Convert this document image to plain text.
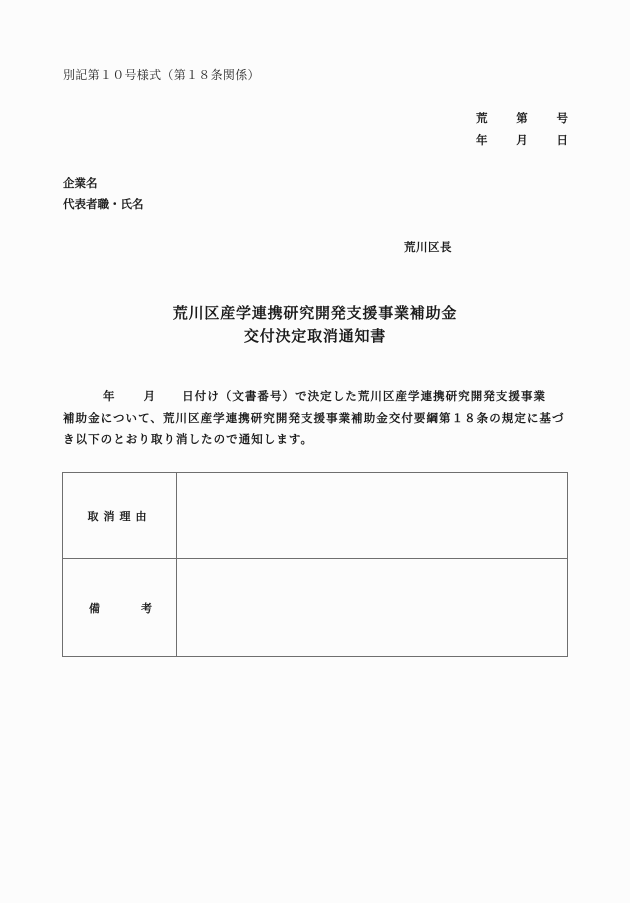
別記第１０号様式（第１８条関係）
荒	第	号
年	月	日
企業名
代表者職・氏名
荒川区長
荒川区産学連携研究開発支援事業補助金
交付決定取消通知書
年 月 日付け（文書番号）で決定した荒川区産学連携研究開発支援事業
補助金について、荒川区産学連携研究開発支援事業補助金交付要綱第１８条の規定に基づ
き以下のとおり取り消したので通知します。
取消理由	

備 考	
